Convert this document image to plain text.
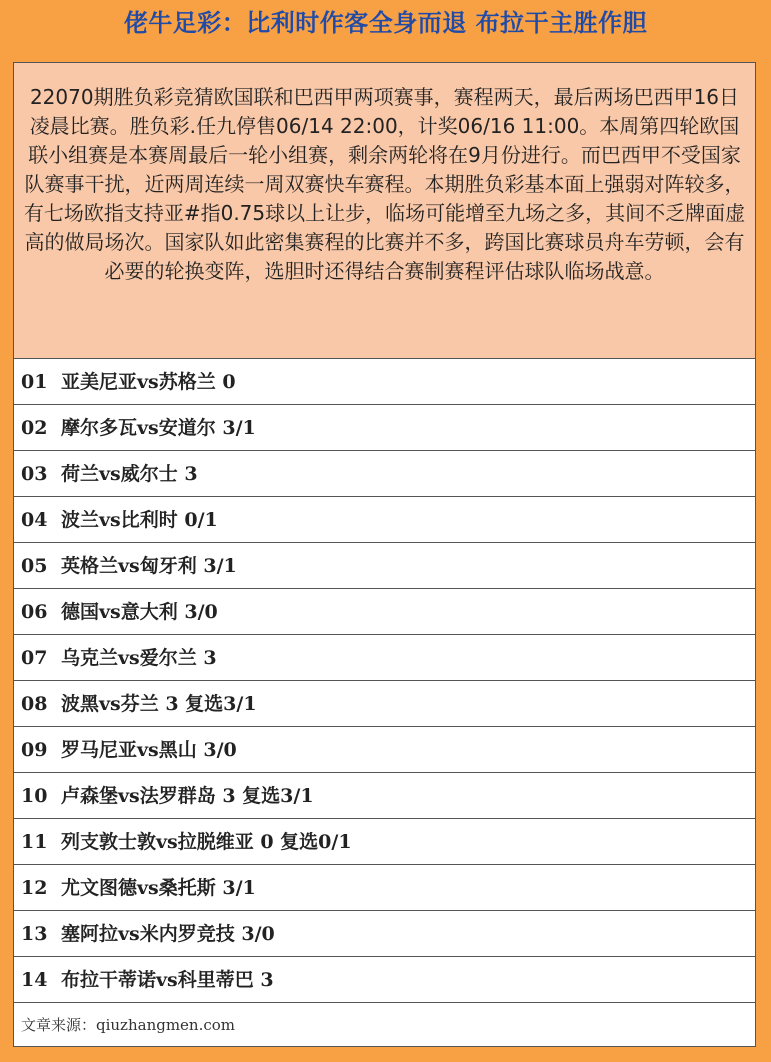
佬牛足彩：比利时作客全身而退 布拉干主胜作胆
22070期胜负彩竞猜欧国联和巴西甲两项赛事，赛程两天，最后两场巴西甲16日凌晨比赛。胜负彩.任九停售06/14 22:00，计奖06/16 11:00。本周第四轮欧国联小组赛是本赛周最后一轮小组赛，剩余两轮将在9月份进行。而巴西甲不受国家队赛事干扰，近两周连续一周双赛快车赛程。本期胜负彩基本面上强弱对阵较多，有七场欧指支持亚#指0.75球以上让步，临场可能增至九场之多，其间不乏牌面虚高的做局场次。国家队如此密集赛程的比赛并不多，跨国比赛球员舟车劳顿，会有必要的轮换变阵，选胆时还得结合赛制赛程评估球队临场战意。
01 亚美尼亚vs苏格兰 0
02 摩尔多瓦vs安道尔 3/1
03 荷兰vs威尔士 3
04 波兰vs比利时 0/1
05 英格兰vs匈牙利 3/1
06 德国vs意大利 3/0
07 乌克兰vs爱尔兰 3
08 波黑vs芬兰 3 复选3/1
09 罗马尼亚vs黑山 3/0
10 卢森堡vs法罗群岛 3 复选3/1
11 列支敦士敦vs拉脱维亚 0 复选0/1
12 尤文图德vs桑托斯 3/1
13 塞阿拉vs米内罗竞技 3/0
14 布拉干蒂诺vs科里蒂巴 3
文章来源：qiuzhangmen.com
